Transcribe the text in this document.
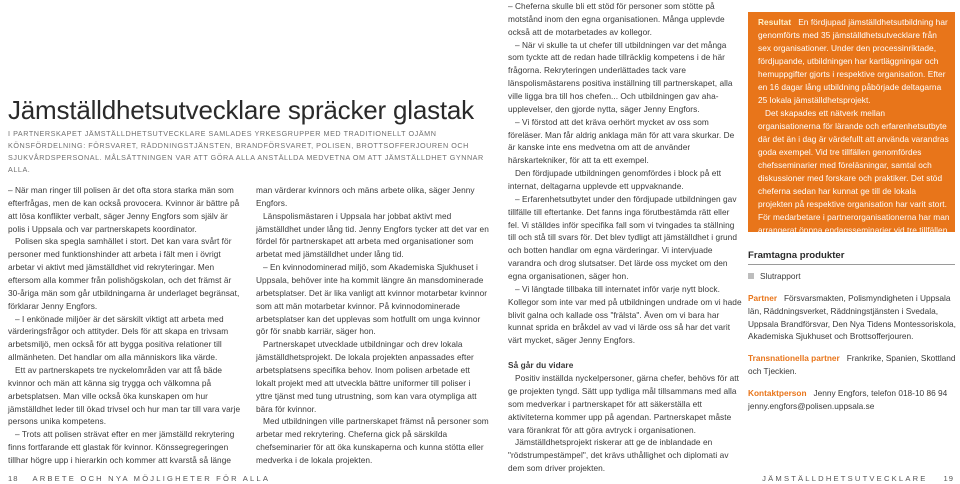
Jämställdhetsutvecklare spräcker glastak

I PARTNERSKAPET JÄMSTÄLLDHETSUTVECKLARE SAMLADES YRKESGRUPPER MED TRADITIONELLT OJÄMN KÖNSFÖRDELNING: FÖRSVARET, RÄDDNINGSTJÄNSTEN, BRANDFÖRSVARET, POLISEN, BROTTSOFFERJOUREN OCH SJUKVÅRDSPERSONAL. MÅLSÄTTNINGEN VAR ATT GÖRA ALLA ANSTÄLLDA MEDVETNA OM ATT JÄMSTÄLLDHET GYNNAR ALLA.

– När man ringer till polisen är det ofta stora starka män som efterfrågas, men de kan också provocera. Kvinnor är bättre på att lösa konflikter verbalt, säger Jenny Engfors som själv är polis i Uppsala och var partnerskapets koordinator.

Polisen ska spegla samhället i stort. Det kan vara svårt för personer med funktionshinder att arbeta i fält men i övrigt arbetar vi aktivt med jämställdhet vid rekryteringar. Men eftersom alla kommer från polishögskolan, och det främst är 30-åriga män som går utbildningarna är underlaget begränsat, förklarar Jenny Engfors.

– I enkönade miljöer är det särskilt viktigt att arbeta med värderingsfrågor och attityder. Dels för att skapa en trivsam arbetsmiljö, men också för att bygga positiva relationer till allmänheten. Det handlar om alla människors lika värde.

Ett av partnerskapets tre nyckelområden var att få bäde kvinnor och män att känna sig trygga och välkomna på arbetsplatsen. Man ville också öka kunskapen om hur jämställdhet leder till ökad trivsel och hur man tar till vara varje persons unika kompetens.

– Trots att polisen strävat efter en mer jämställd rekrytering finns fortfarande ett glastak för kvinnor. Könssegregeringen tillhar högre upp i hierarkin och kommer att kvarstå så länge

man värderar kvinnors och mäns arbete olika, säger Jenny Engfors.

Länspolismästaren i Uppsala har jobbat aktivt med jämställdhet under lång tid. Jenny Engfors tycker att det var en fördel för partnerskapet att arbeta med organisationer som arbetat med jämställdhet under lång tid.

– En kvinnodominerad miljö, som Akademiska Sjukhuset i Uppsala, behöver inte ha kommit längre än mansdominerade arbetsplatser. Det är lika vanligt att kvinnor motarbetar kvinnor som att män motarbetar kvinnor. På kvinnodominerade arbetsplatser kan det upplevas som hotfullt om unga kvinnor gör för snabb karriär, säger hon.

Partnerskapet utvecklade utbildningar och drev lokala jämställdhetsprojekt. De lokala projekten anpassades efter arbetsplatsens specifika behov. Inom polisen arbetade ett lokalt projekt med att utveckla bättre uniformer till poliser i yttre tjänst med tung utrustning, som kan vara otympliga att bära för kvinnor.

Med utbildningen ville partnerskapet främst nå personer som arbetar med rekrytering. Cheferna gick på särskilda chefseminarier för att öka kunskaperna och kunna stötta eller medverka i de lokala projekten.

– Cheferna skulle bli ett stöd för personer som stötte på motstånd inom den egna organisationen. Många upplevde också att de motarbetades av kollegor.

– När vi skulle ta ut chefer till utbildningen var det många som tyckte att de redan hade tillräcklig kompetens i de här frågorna. Rekryteringen underlättades tack vare länspolismästarens positiva inställning till partnerskapet, alla ville ligga bra till hos chefen... Och utbildningen gav aha-upplevelser, den gjorde nytta, säger Jenny Engfors.

– Vi förstod att det kräva oerhört mycket av oss som föreläser. Man får aldrig anklaga män för att vara skurkar. De är kanske inte ens medvetna om att de använder härskartekniker, för att ta ett exempel.

Den fördjupade utbildningen genomfördes i block på ett internat, deltagarna upplevde ett uppvaknande.

– Erfarenhetsutbytet under den fördjupade utbildningen gav tillfälle till eftertanke. Det fanns inga förutbestämda rätt eller fel. Vi ställdes inför specifika fall som vi tvingades ta ställning till och stå till svars för. Det blev tydligt att jämställdhet i grund och botten handlar om egna värderingar. Vi intervjuade varandra och drog slutsatser. Det lärde oss mycket om den egna organisationen, säger hon.

– Vi längtade tillbaka till internatet inför varje nytt block. Kollegor som inte var med på utbildningen undrade om vi hade blivit galna och kallade oss "frälsta". Även om vi bara har kunnat sprida en bråkdel av vad vi lärde oss så har det varit värt mycket, säger Jenny Engfors.

Så går du vidare

Positiv inställda nyckelpersoner, gärna chefer, behövs för att ge projekten tyngd. Sätt upp tydliga mål tillsammans med alla som medverkar i partnerskapet för att säkerställa ett aktiviteterna kommer upp på agendan. Partnerskapet måste vara förankrat för att göra avtryck i organisationen.

Jämställdhetsprojekt riskerar att ge de inblandade en "rödstrumpestämpel", det krävs uthållighet och diplomati av dem som driver projekten.

Resultat En fördjupad jämställdhetsutbildning har genomförts med 35 jämställdhetsutvecklare från sex organisationer. Under den processinriktade, fördjupande, utbildningen har kartläggningar och hemuppgifter gjorts i respektive organisation. Efter en 16 dagar lång utbildning påbörjade deltagarna 25 lokala jämställdhetsprojekt.

Det skapades ett nätverk mellan organisationerna för lärande och erfarenhetsutbyte där det än i dag är värdefullt att använda varandras goda exempel. Vid tre tillfällen genomfördes chefsseminarier med föreläsningar, samtal och diskussioner med forskare och praktiker. Det stöd cheferna sedan har kunnat ge till de lokala projekten på respektive organisation har varit stort. För medarbetare i partnerorganisationerna har man arrangerat öppna endagsseminarier vid tre tillfällen, för att öka kunskaperna och väcka nyfikenhet.

Framtagna produkter
Slutrapport
Partner Försvarsmakten, Polismyndigheten i Uppsala län, Räddningsverket, Räddningstjänsten i Svedala, Uppsala Brandförsvar, Den Nya Tidens Montessoriskola, Akademiska Sjukhuset och Brottsofferjouren.
Transnationella partner Frankrike, Spanien, Skottland och Tjeckien.
Kontaktperson Jenny Engfors, telefon 018-10 86 94
jenny.engfors@polisen.uppsala.se
18 ARBETE OCH NYA MÖJLIGHETER FÖR ALLA	JÄMSTÄLLDHETSUTVECKLARE 19
